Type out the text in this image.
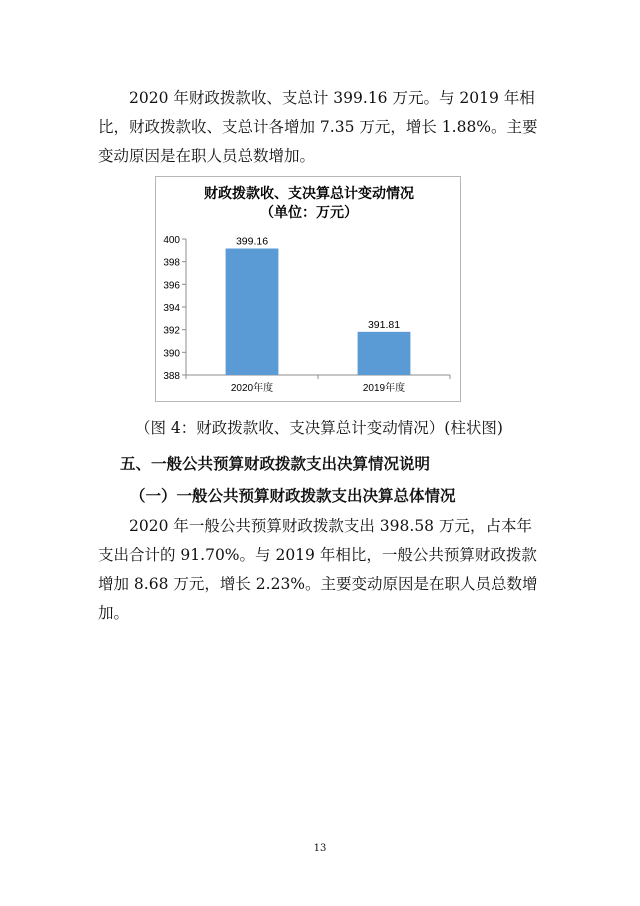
2020 年财政拨款收、支总计 399.16 万元。与 2019 年相比，财政拨款收、支总计各增加 7.35 万元，增长 1.88%。主要变动原因是在职人员总数增加。

财政拨款收、支决算总计变动情况
（单位：万元）
388
390
392
394
396
398
400	399.16
2020年度
391.81
2019年度
（图 4：财政拨款收、支决算总计变动情况）(柱状图)
五、一般公共预算财政拨款支出决算情况说明
（一）一般公共预算财政拨款支出决算总体情况

2020 年一般公共预算财政拨款支出 398.58 万元，占本年支出合计的 91.70%。与 2019 年相比，一般公共预算财政拨款增加 8.68 万元，增长 2.23%。主要变动原因是在职人员总数增加。

13
